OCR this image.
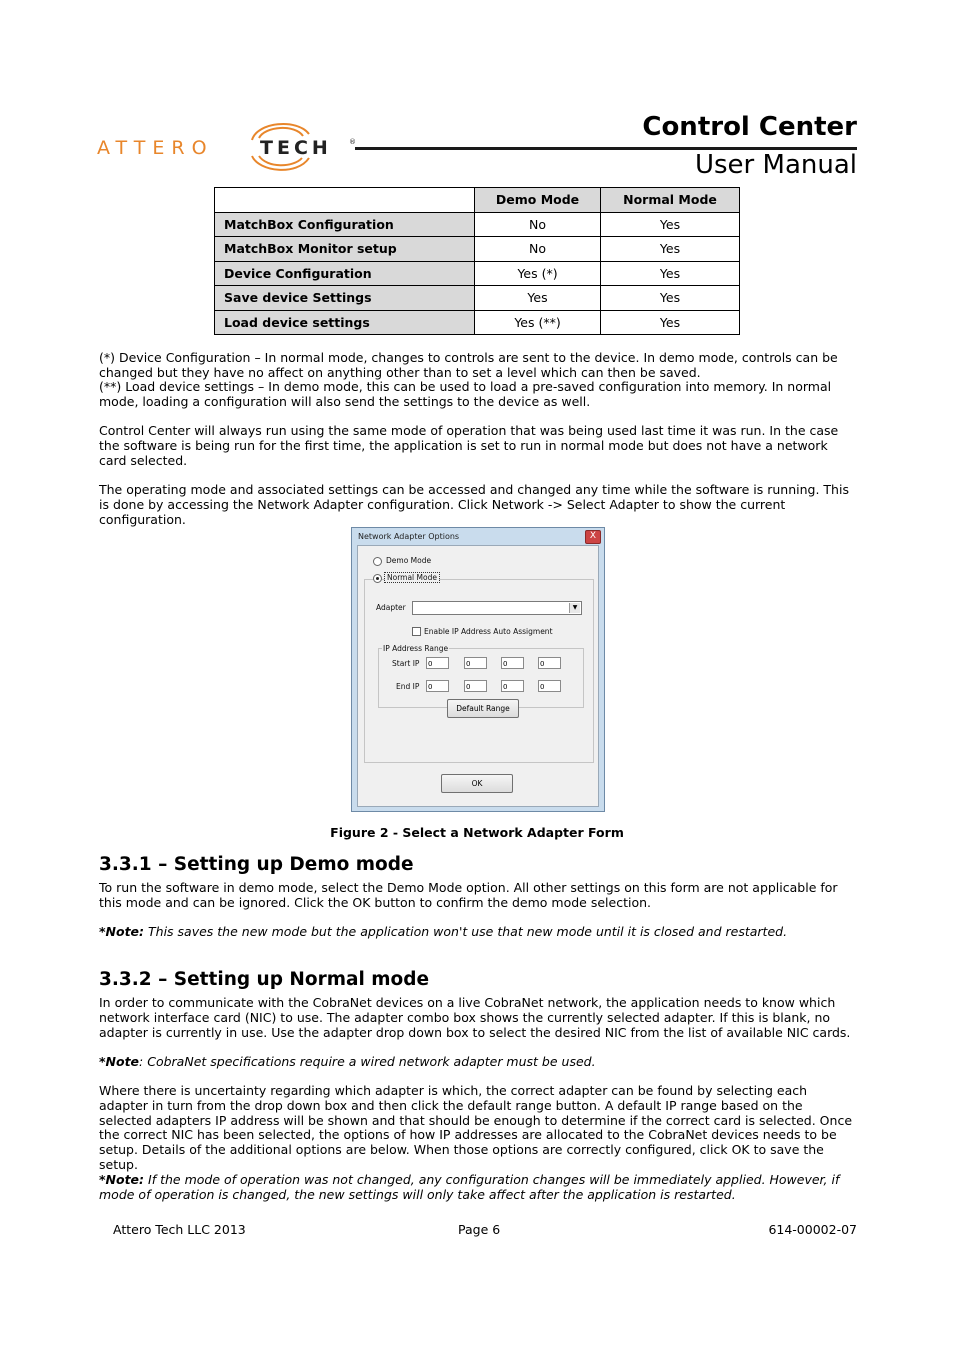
ATTERO TECH ®	Control Center
User Manual
	Demo Mode	Normal Mode
MatchBox Configuration	No	Yes
MatchBox Monitor setup	No	Yes
Device Configuration	Yes (*)	Yes
Save device Settings	Yes	Yes
Load device settings	Yes (**)	Yes
(*) Device Configuration – In normal mode, changes to controls are sent to the device. In demo mode, controls can be changed but they have no affect on anything other than to set a level which can then be saved.
(**) Load device settings – In demo mode, this can be used to load a pre-saved configuration into memory. In normal mode, loading a configuration will also send the settings to the device as well.
Control Center will always run using the same mode of operation that was being used last time it was run. In the case the software is being run for the first time, the application is set to run in normal mode but does not have a network card selected.
The operating mode and associated settings can be accessed and changed any time while the software is running. This is done by accessing the Network Adapter configuration. Click Network -> Select Adapter to show the current configuration.
Network Adapter Options	X
Demo Mode
Normal Mode
Adapter	▼
Enable IP Address Auto Assigment
IP Address Range
Start IP 0	0	0	0
End IP 0	0	0	0
Default Range
OK
Figure 2 - Select a Network Adapter Form
3.3.1 – Setting up Demo mode
To run the software in demo mode, select the Demo Mode option. All other settings on this form are not applicable for this mode and can be ignored. Click the OK button to confirm the demo mode selection.
*Note: This saves the new mode but the application won't use that new mode until it is closed and restarted.
3.3.2 – Setting up Normal mode
In order to communicate with the CobraNet devices on a live CobraNet network, the application needs to know which network interface card (NIC) to use. The adapter combo box shows the currently selected adapter. If this is blank, no adapter is currently in use. Use the adapter drop down box to select the desired NIC from the list of available NIC cards.
*Note: CobraNet specifications require a wired network adapter must be used.
Where there is uncertainty regarding which adapter is which, the correct adapter can be found by selecting each adapter in turn from the drop down box and then click the default range button. A default IP range based on the selected adapters IP address will be shown and that should be enough to determine if the correct card is selected. Once the correct NIC has been selected, the options of how IP addresses are allocated to the CobraNet devices needs to be setup. Details of the additional options are below. When those options are correctly configured, click OK to save the setup.
*Note: If the mode of operation was not changed, any configuration changes will be immediately applied. However, if mode of operation is changed, the new settings will only take affect after the application is restarted.
Attero Tech LLC 2013	Page 6	614-00002-07
